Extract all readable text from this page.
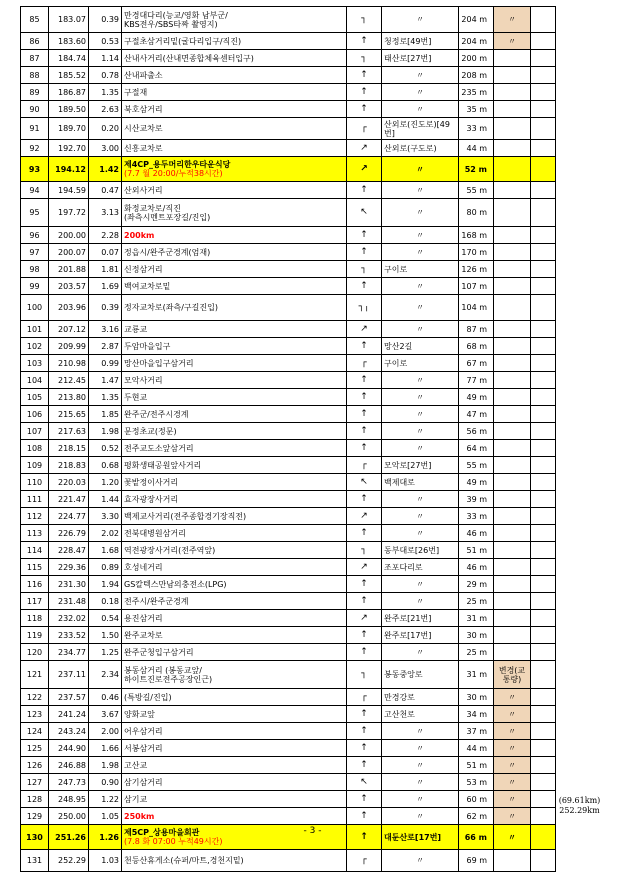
85	183.07	0.39	만경대다리(능교/영화 남부군/
KBS전우/SBS타짜 촬영지)	┐	〃	204 m	〃	
86	183.60	0.53	구절초삼거리밑(굴다리입구/직진)	↑	청정로[49번]	204 m	〃	
87	184.74	1.14	산내사거리(산내면종합체육센터입구)	┐	태산로[27번]	200 m		
88	185.52	0.78	산내파출소	↑	〃	208 m		
89	186.87	1.35	구절재	↑	〃	235 m		
90	189.50	2.63	북호삼거리	↑	〃	35 m		
91	189.70	0.20	시산교차로	┌	산외로(진도로)[49번]	33 m		
92	192.70	3.00	신흥교차로	↗	산외로(구도로)	44 m		
93	194.12	1.42	제4CP_용두머리한우타운식당
(7.7 월 20:00/누적38시간)	↗	〃	52 m		
94	194.59	0.47	산외사거리	↑	〃	55 m		
95	197.72	3.13	화정교차로/직진
(좌측시멘트포장길/진입)	↖	〃	80 m		
96	200.00	2.28	200km	↑	〃	168 m		
97	200.07	0.07	정읍시/완주군경계(엄재)	↑	〃	170 m		
98	201.88	1.81	신정삼거리	┐	구이로	126 m		
99	203.57	1.69	백여교차로밑	↑	〃	107 m		
100	203.96	0.39	정자교차로(좌측/구길진입)	┐╷	〃	104 m		
101	207.12	3.16	교룡교	↗	〃	87 m		
102	209.99	2.87	두암마을입구	↑	망산2길	68 m		
103	210.98	0.99	망산마을입구삼거리	┌	구이로	67 m		
104	212.45	1.47	모악사거리	↑	〃	77 m		
105	213.80	1.35	두현교	↑	〃	49 m		
106	215.65	1.85	완주군/전주시경계	↑	〃	47 m		
107	217.63	1.98	문정초교(정문)	↑	〃	56 m		
108	218.15	0.52	전주교도소앞삼거리	↑	〃	64 m		
109	218.83	0.68	평화생태공원앞사거리	┌	모악로[27번]	55 m		
110	220.03	1.20	꽃밭정이사거리	↖	백제대로	49 m		
111	221.47	1.44	효자광장사거리	↑	〃	39 m		
112	224.77	3.30	백제교사거리(전주종합경기장직전)	↗	〃	33 m		
113	226.79	2.02	전북대병원삼거리	↑	〃	46 m		
114	228.47	1.68	역전광장사거리(전주역앞)	┐	동부대로[26번]	51 m		
115	229.36	0.89	호성네거리	↗	조포다리로	46 m		
116	231.30	1.94	GS칼텍스만남의충전소(LPG)	↑	〃	29 m		
117	231.48	0.18	전주시/완주군경계	↑	〃	25 m		
118	232.02	0.54	용진삼거리	↗	완주로[21번]	31 m		
119	233.52	1.50	완주교차로	↑	완주로[17번]	30 m		
120	234.77	1.25	완주군청입구삼거리	↑	〃	25 m		
121	237.11	2.34	봉동삼거리 (봉동교앞/
하이트진로전주공장인근)	┐	봉동중앙로	31 m	변경(교통량)	
122	237.57	0.46	(특방길/진입)	┌	만경강로	30 m	〃	
123	241.24	3.67	양화교앞	↑	고산천로	34 m	〃	
124	243.24	2.00	어우삼거리	↑	〃	37 m	〃	
125	244.90	1.66	서봉삼거리	↑	〃	44 m	〃	
126	246.88	1.98	고산교	↑	〃	51 m	〃	
127	247.73	0.90	삼기삼거리	↖	〃	53 m	〃	
128	248.95	1.22	삼기교	↑	〃	60 m	〃	
129	250.00	1.05	250km	↑	〃	62 m	〃	
130	251.26	1.26	제5CP_상용마을회관
(7.8 화 07:00 누적49시간)	↑	대둔산로[17번]	66 m	〃	
131	252.29	1.03	천등산휴게소(슈퍼/마트,경천지밑)	┌	〃	69 m		
(69.61km)
252.29km
- 3 -
